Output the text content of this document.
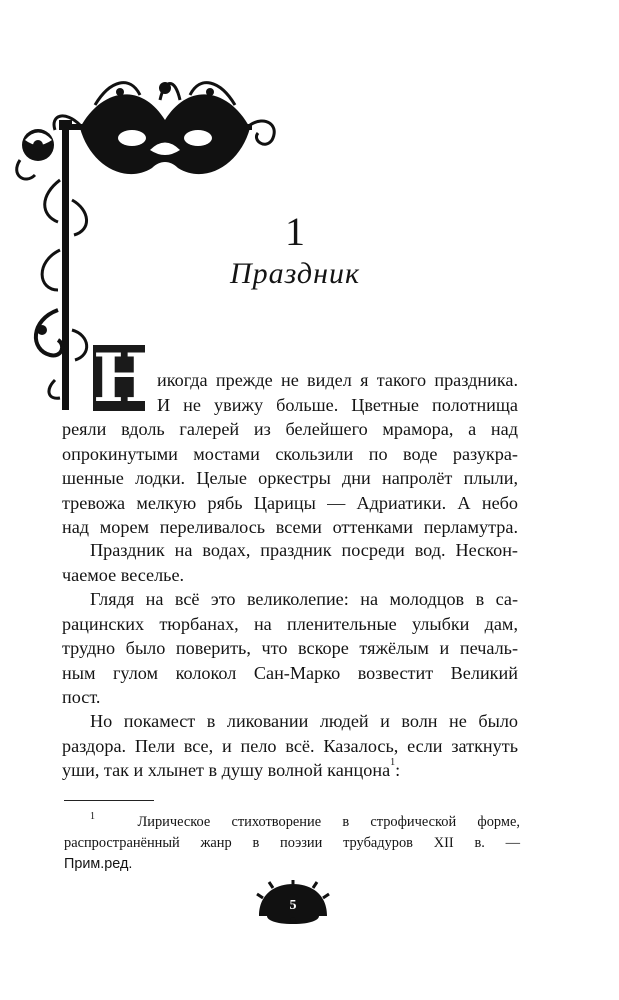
1
Праздник
Н икогда прежде не видел я такого праздника.
И не увижу больше. Цветные полотнища
реяли вдоль галерей из белейшего мрамора, а над
опрокинутыми мостами скользили по воде разукра-
шенные лодки. Целые оркестры дни напролёт плыли,
тревожа мелкую рябь Царицы — Адриатики. А небо
над морем переливалось всеми оттенками перламутра.
Праздник на водах, праздник посреди вод. Нескон-
чаемое веселье.
Глядя на всё это великолепие: на молодцов в са-
рацинских тюрбанах, на пленительные улыбки дам,
трудно было поверить, что вскоре тяжёлым и печаль-
ным гулом колокол Сан-Марко возвестит Великий
пост.
Но покамест в ликовании людей и волн не было
раздора. Пели все, и пело всё. Казалось, если заткнуть
уши, так и хлынет в душу волной канцона$^1$:
$^1$	Лирическое стихотворение в строфической форме,
распространённый жанр в поэзии трубадуров XII в. —
Прим.ред.
5
